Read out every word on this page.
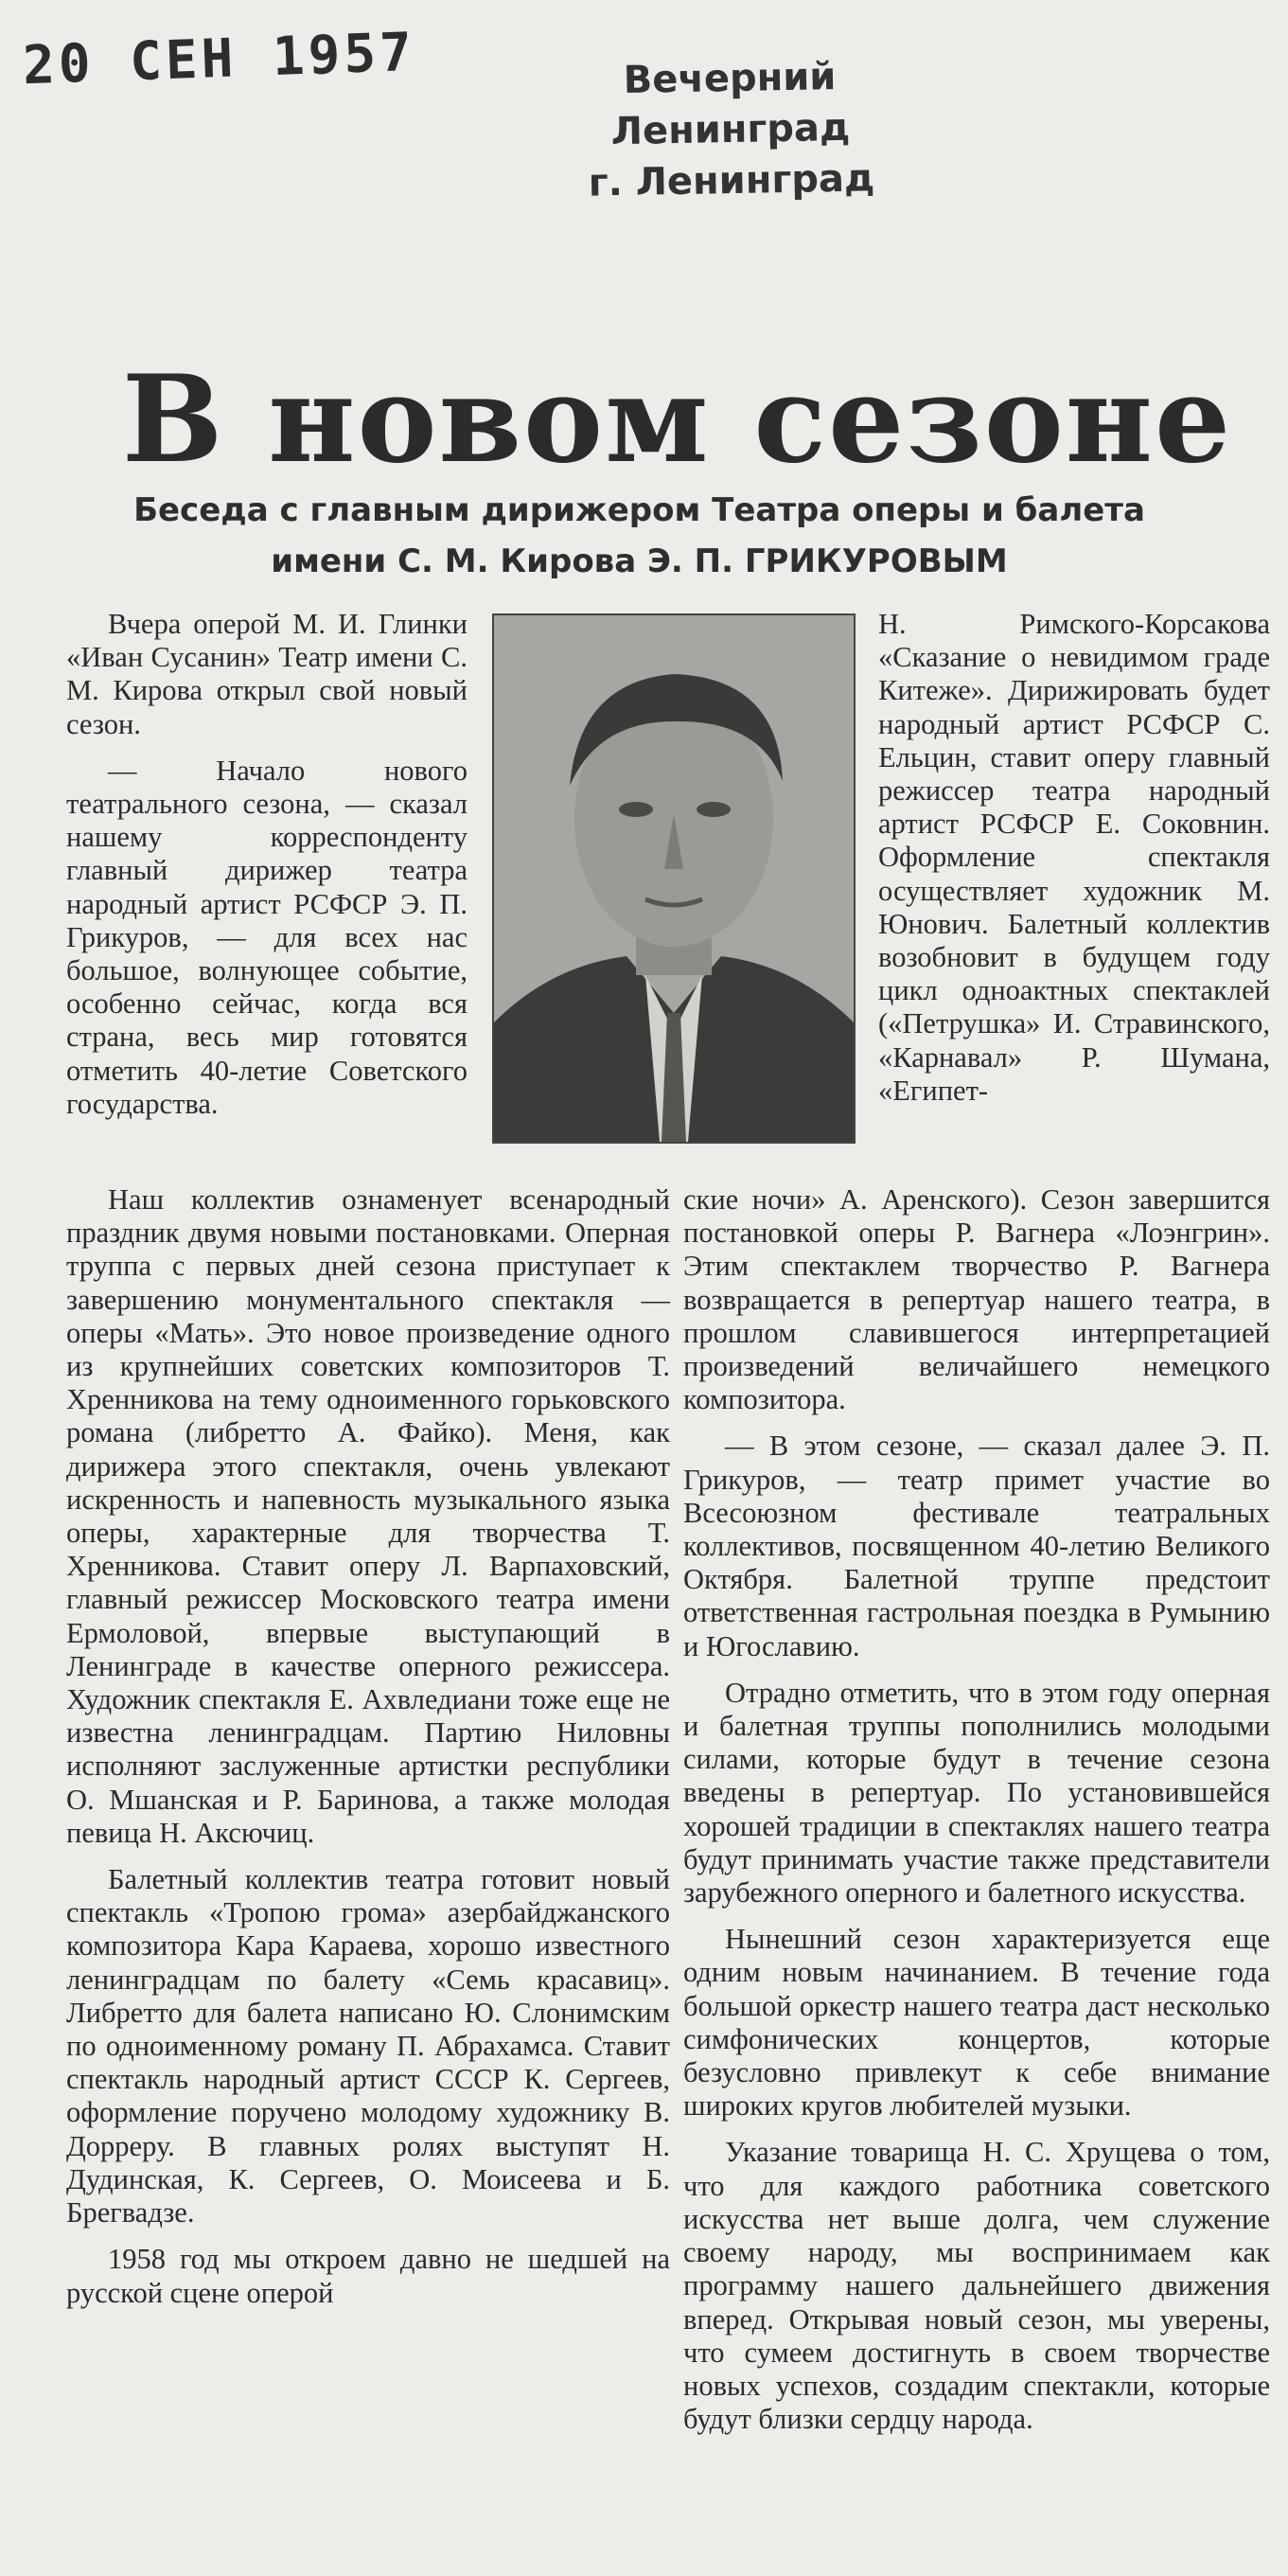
20 СЕН 1957	Вечерний Ленинград
г. Ленинград
В новом сезоне
Беседа с главным дирижером Театра оперы и балета
имени С. М. Кирова Э. П. ГРИКУРОВЫМ

Вчера оперой М. И. Глинки «Иван Сусанин» Театр имени С. М. Кирова открыл свой новый сезон.

— Начало нового театрального сезона, — сказал нашему корреспонденту главный дирижер театра народный артист РСФСР Э. П. Грикуров, — для всех нас большое, волнующее событие, особенно сейчас, когда вся страна, весь мир готовятся отметить 40-летие Советского государства.

Н. Римского-Корсакова «Сказание о невидимом граде Китеже». Дирижировать будет народный артист РСФСР С. Ельцин, ставит оперу главный режиссер театра народный артист РСФСР Е. Соковнин. Оформление спектакля осуществляет художник М. Юнович. Балетный коллектив возобновит в будущем году цикл одноактных спектаклей («Петрушка» И. Стравинского, «Карнавал» Р. Шумана, «Египет-

Наш коллектив ознаменует всенародный праздник двумя новыми постановками. Оперная труппа с первых дней сезона приступает к завершению монументального спектакля — оперы «Мать». Это новое произведение одного из крупнейших советских композиторов Т. Хренникова на тему одноименного горьковского романа (либретто А. Файко). Меня, как дирижера этого спектакля, очень увлекают искренность и напевность музыкального языка оперы, характерные для творчества Т. Хренникова. Ставит оперу Л. Варпаховский, главный режиссер Московского театра имени Ермоловой, впервые выступающий в Ленинграде в качестве оперного режиссера. Художник спектакля Е. Ахвледиани тоже еще не известна ленинградцам. Партию Ниловны исполняют заслуженные артистки республики О. Мшанская и Р. Баринова, а также молодая певица Н. Аксючиц.

Балетный коллектив театра готовит новый спектакль «Тропою грома» азербайджанского композитора Кара Караева, хорошо известного ленинградцам по балету «Семь красавиц». Либретто для балета написано Ю. Слонимским по одноименному роману П. Абрахамса. Ставит спектакль народный артист СССР К. Сергеев, оформление поручено молодому художнику В. Дорреру. В главных ролях выступят Н. Дудинская, К. Сергеев, О. Моисеева и Б. Брегвадзе.

1958 год мы откроем давно не шедшей на русской сцене оперой

ские ночи» А. Аренского). Сезон завершится постановкой оперы Р. Вагнера «Лоэнгрин». Этим спектаклем творчество Р. Вагнера возвращается в репертуар нашего театра, в прошлом славившегося интерпретацией произведений величайшего немецкого композитора.

— В этом сезоне, — сказал далее Э. П. Грикуров, — театр примет участие во Всесоюзном фестивале театральных коллективов, посвященном 40-летию Великого Октября. Балетной труппе предстоит ответственная гастрольная поездка в Румынию и Югославию.

Отрадно отметить, что в этом году оперная и балетная труппы пополнились молодыми силами, которые будут в течение сезона введены в репертуар. По установившейся хорошей традиции в спектаклях нашего театра будут принимать участие также представители зарубежного оперного и балетного искусства.

Нынешний сезон характеризуется еще одним новым начинанием. В течение года большой оркестр нашего театра даст несколько симфонических концертов, которые безусловно привлекут к себе внимание широких кругов любителей музыки.

Указание товарища Н. С. Хрущева о том, что для каждого работника советского искусства нет выше долга, чем служение своему народу, мы воспринимаем как программу нашего дальнейшего движения вперед. Открывая новый сезон, мы уверены, что сумеем достигнуть в своем творчестве новых успехов, создадим спектакли, которые будут близки сердцу народа.
